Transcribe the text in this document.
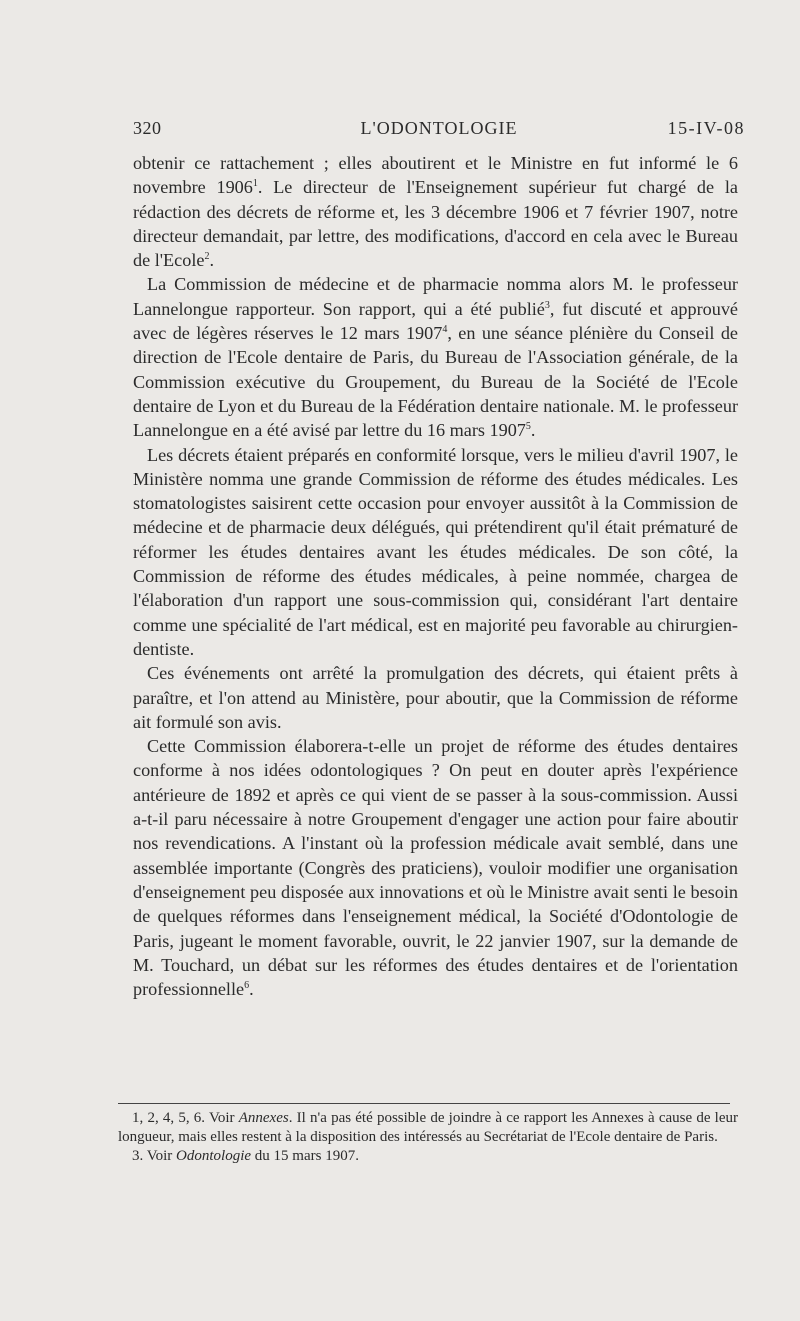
320	L'ODONTOLOGIE	15-IV-08

obtenir ce rattachement ; elles aboutirent et le Ministre en fut informé le 6 novembre 1906$^1$. Le directeur de l'Enseignement supérieur fut chargé de la rédaction des décrets de réforme et, les 3 décembre 1906 et 7 février 1907, notre directeur demandait, par lettre, des modifications, d'accord en cela avec le Bureau de l'Ecole$^2$.

La Commission de médecine et de pharmacie nomma alors M. le professeur Lannelongue rapporteur. Son rapport, qui a été publié$^3$, fut discuté et approuvé avec de légères réserves le 12 mars 1907$^4$, en une séance plénière du Conseil de direction de l'Ecole dentaire de Paris, du Bureau de l'Association générale, de la Commission exécutive du Groupement, du Bureau de la Société de l'Ecole dentaire de Lyon et du Bureau de la Fédération dentaire nationale. M. le professeur Lannelongue en a été avisé par lettre du 16 mars 1907$^5$.

Les décrets étaient préparés en conformité lorsque, vers le milieu d'avril 1907, le Ministère nomma une grande Commission de réforme des études médicales. Les stomatologistes saisirent cette occasion pour envoyer aussitôt à la Commission de médecine et de pharmacie deux délégués, qui prétendirent qu'il était prématuré de réformer les études dentaires avant les études médicales. De son côté, la Commission de réforme des études médicales, à peine nommée, chargea de l'élaboration d'un rapport une sous-commission qui, considérant l'art dentaire comme une spécialité de l'art médical, est en majorité peu favorable au chirurgien-dentiste.

Ces événements ont arrêté la promulgation des décrets, qui étaient prêts à paraître, et l'on attend au Ministère, pour aboutir, que la Commission de réforme ait formulé son avis.

Cette Commission élaborera-t-elle un projet de réforme des études dentaires conforme à nos idées odontologiques ? On peut en douter après l'expérience antérieure de 1892 et après ce qui vient de se passer à la sous-commission. Aussi a-t-il paru nécessaire à notre Groupement d'engager une action pour faire aboutir nos revendications. A l'instant où la profession médicale avait semblé, dans une assemblée importante (Congrès des praticiens), vouloir modifier une organisation d'enseignement peu disposée aux innovations et où le Ministre avait senti le besoin de quelques réformes dans l'enseignement médical, la Société d'Odontologie de Paris, jugeant le moment favorable, ouvrit, le 22 janvier 1907, sur la demande de M. Touchard, un débat sur les réformes des études dentaires et de l'orientation professionnelle$^6$.

1, 2, 4, 5, 6. Voir Annexes. Il n'a pas été possible de joindre à ce rapport les Annexes à cause de leur longueur, mais elles restent à la disposition des intéressés au Secrétariat de l'Ecole dentaire de Paris.

3. Voir Odontologie du 15 mars 1907.
